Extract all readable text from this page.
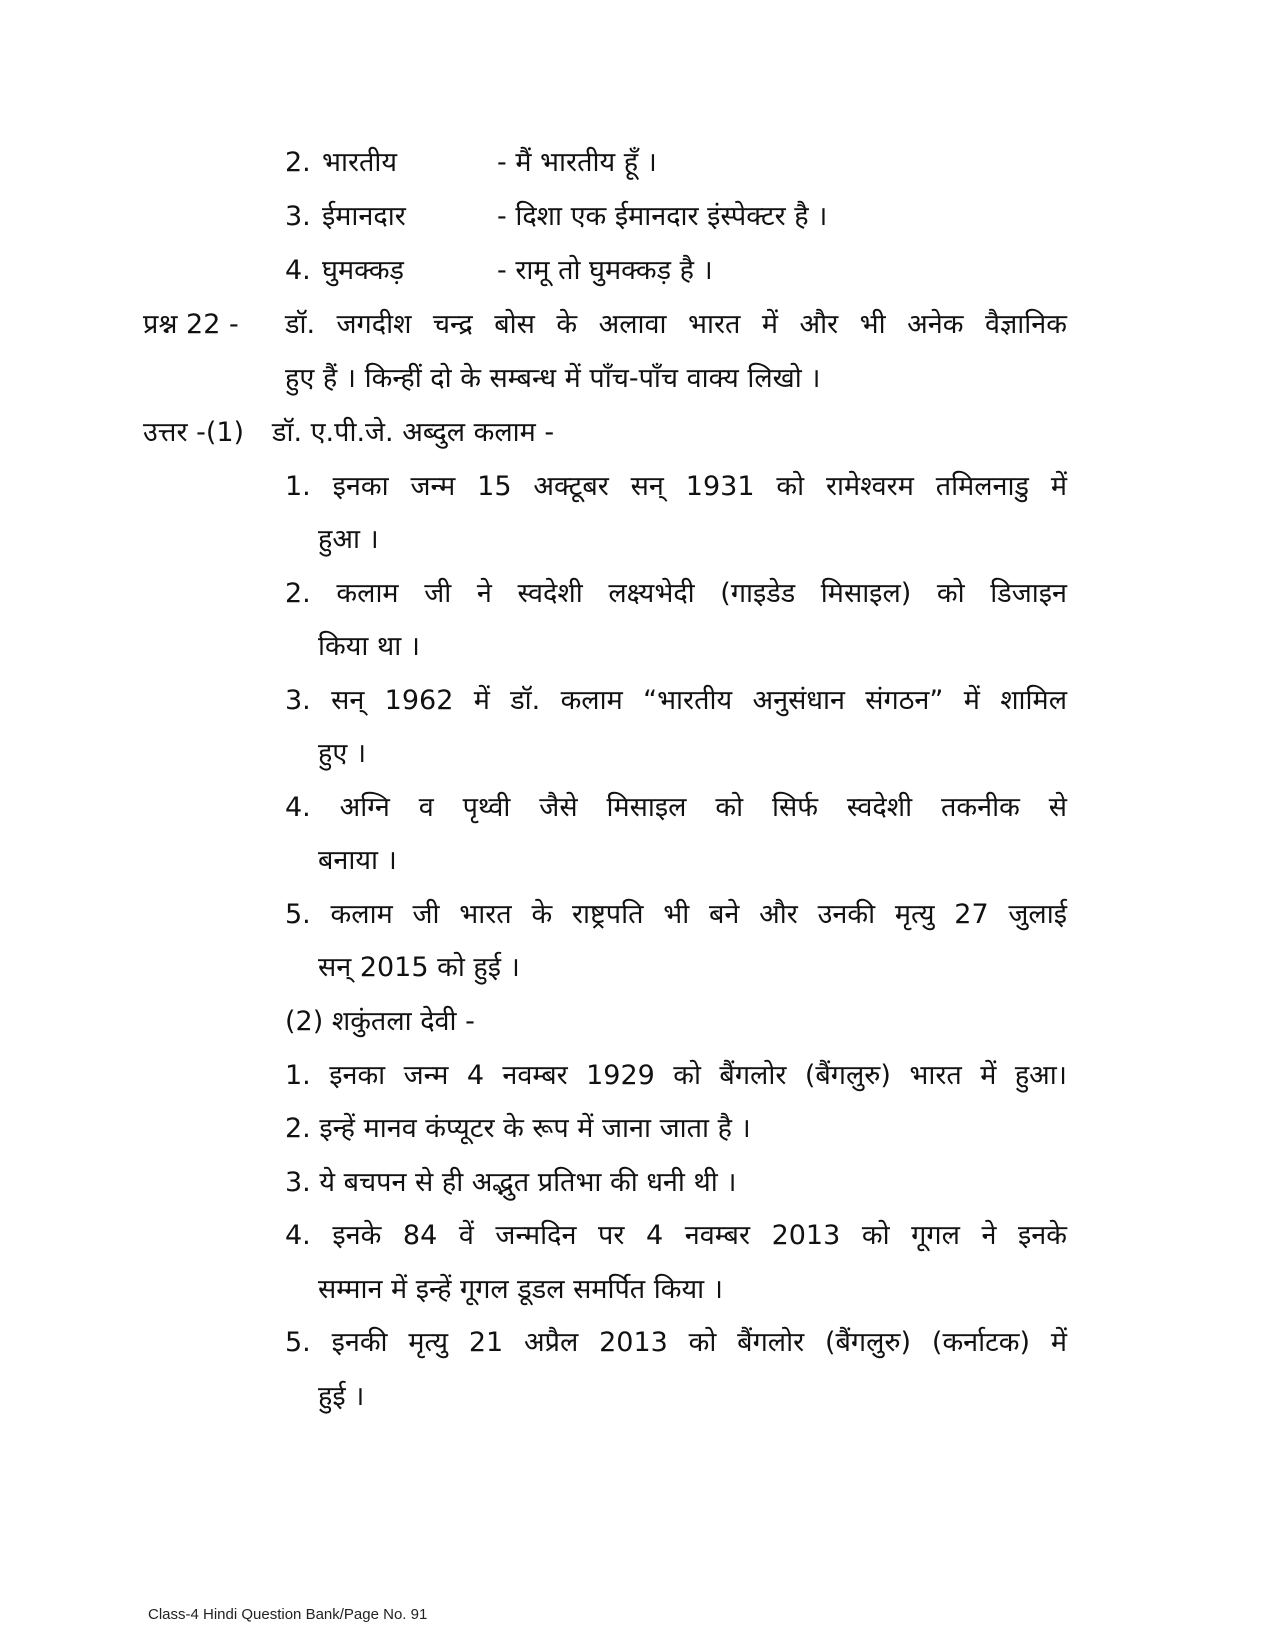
2. भारतीय	- मैं भारतीय हूँ ।
3. ईमानदार	- दिशा एक ईमानदार इंस्पेक्टर है ।
4. घुमक्कड़	- रामू तो घुमक्कड़ है ।
प्रश्न 22 - डॉ. जगदीश चन्द्र बोस के अलावा भारत में और भी अनेक वैज्ञानिक
हुए हैं । किन्हीं दो के सम्बन्ध में पाँच-पाँच वाक्य लिखो ।
उत्तर -(1) डॉ. ए.पी.जे. अब्दुल कलाम -
1. इनका जन्म 15 अक्टूबर सन् 1931 को रामेश्वरम तमिलनाडु में
हुआ ।
2. कलाम जी ने स्वदेशी लक्ष्यभेदी (गाइडेड मिसाइल) को डिजाइन
किया था ।
3. सन् 1962 में डॉ. कलाम “भारतीय अनुसंधान संगठन” में शामिल
हुए ।
4. अग्नि व पृथ्वी जैसे मिसाइल को सिर्फ स्वदेशी तकनीक से
बनाया ।
5. कलाम जी भारत के राष्ट्रपति भी बने और उनकी मृत्यु 27 जुलाई
सन् 2015 को हुई ।
(2) शकुंतला देवी -
1. इनका जन्म 4 नवम्बर 1929 को बैंगलोर (बैंगलुरु) भारत में हुआ।
2. इन्हें मानव कंप्यूटर के रूप में जाना जाता है ।
3. ये बचपन से ही अद्भुत प्रतिभा की धनी थी ।
4. इनके 84 वें जन्मदिन पर 4 नवम्बर 2013 को गूगल ने इनके
सम्मान में इन्हें गूगल डूडल समर्पित किया ।
5. इनकी मृत्यु 21 अप्रैल 2013 को बैंगलोर (बैंगलुरु) (कर्नाटक) में
हुई ।
Class-4 Hindi Question Bank/Page No. 91
